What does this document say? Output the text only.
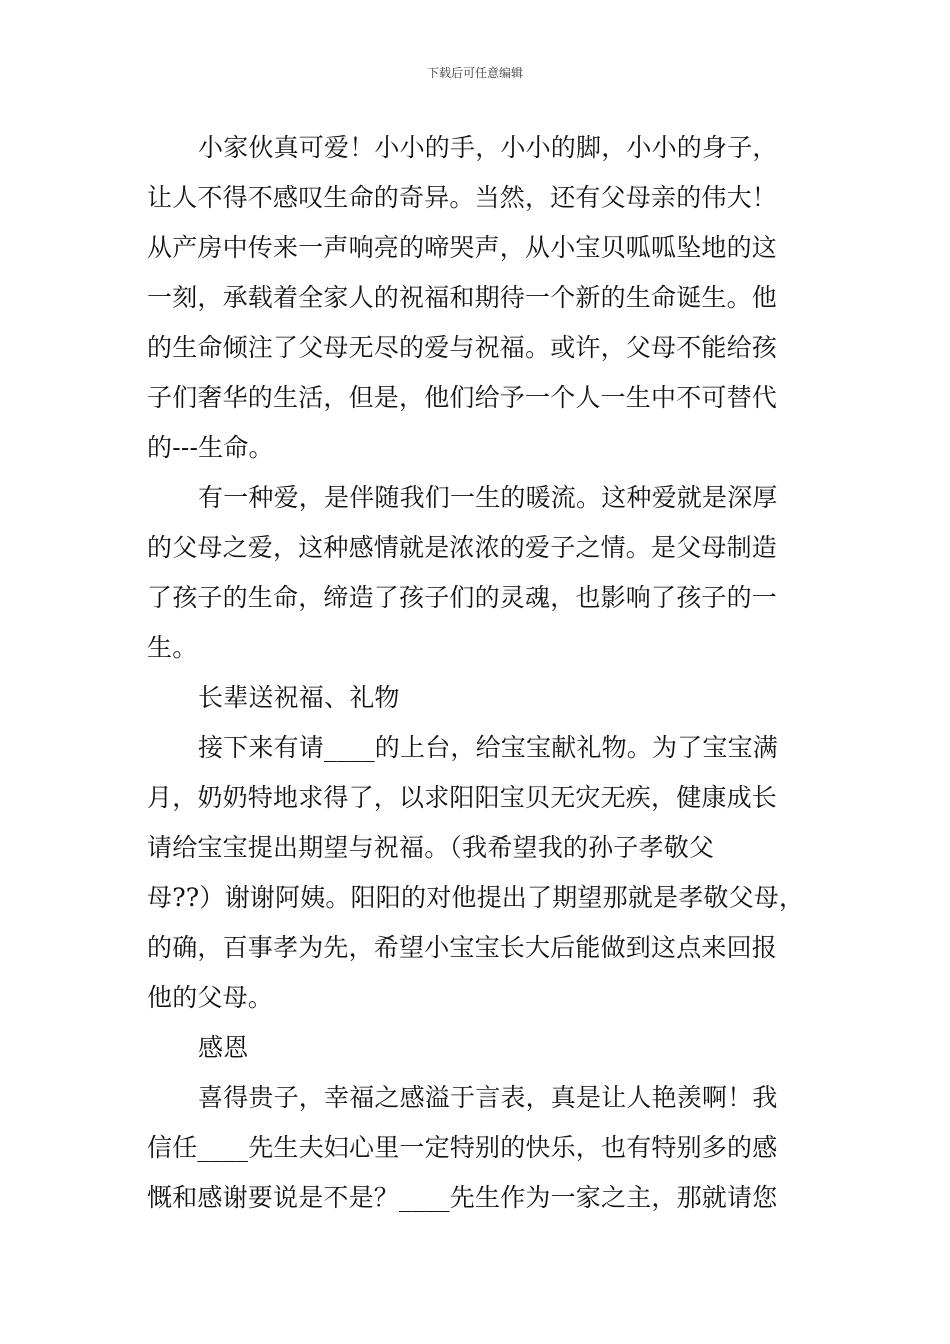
下载后可任意编辑
小家伙真可爱！小小的手，小小的脚，小小的身子，
让人不得不感叹生命的奇异。当然，还有父母亲的伟大！
从产房中传来一声响亮的啼哭声，从小宝贝呱呱坠地的这
一刻，承载着全家人的祝福和期待一个新的生命诞生。他
的生命倾注了父母无尽的爱与祝福。或许，父母不能给孩
子们奢华的生活，但是，他们给予一个人一生中不可替代
的---生命。
有一种爱，是伴随我们一生的暖流。这种爱就是深厚
的父母之爱，这种感情就是浓浓的爱子之情。是父母制造
了孩子的生命，缔造了孩子们的灵魂，也影响了孩子的一
生。
长辈送祝福、礼物
接下来有请____的上台，给宝宝献礼物。为了宝宝满
月，奶奶特地求得了，以求阳阳宝贝无灾无疾，健康成长
请给宝宝提出期望与祝福。（我希望我的孙子孝敬父
母??）谢谢阿姨。阳阳的对他提出了期望那就是孝敬父母，
的确，百事孝为先，希望小宝宝长大后能做到这点来回报
他的父母。
感恩
喜得贵子，幸福之感溢于言表，真是让人艳羡啊！我
信任____先生夫妇心里一定特别的快乐，也有特别多的感
慨和感谢要说是不是？____先生作为一家之主，那就请您
